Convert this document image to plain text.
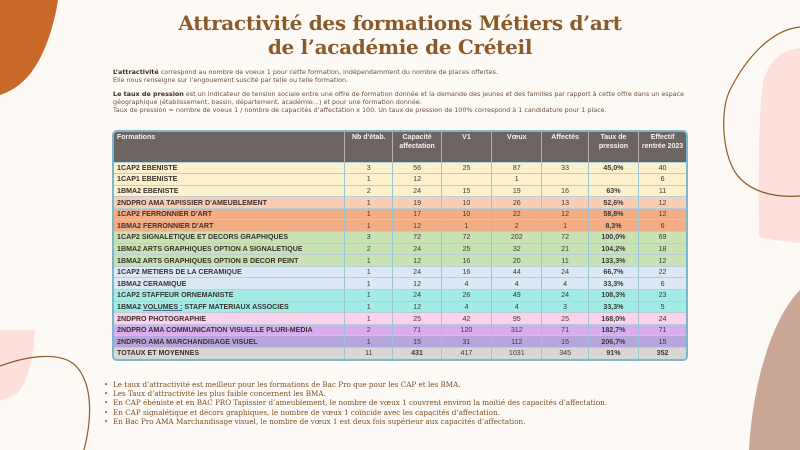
Attractivité des formations Métiers d’art
de l’académie de Créteil

L’attractivité correspond au nombre de voeux 1 pour cette formation, indépendamment du nombre de places offertes.
Elle nous renseigne sur l’engouement suscité par telle ou telle formation.

Le taux de pression est un indicateur de tension sociale entre une offre de formation donnée et la demande des jeunes et des familles par rapport à cette offre dans un espace géographique (établissement, bassin, département, académie...) et pour une formation donnée.
Taux de pression = nombre de voeux 1 / nombre de capacités d’affectation x 100. Un taux de pression de 100% correspond à 1 candidature pour 1 place.

Formations	Nb d'étab.	Capacité affectation	V1	Vœux	Affectés	Taux de pression	Effectif rentrée 2023
1CAP2 EBENISTE	3	56	25	87	33	45,0%	40
1CAP1 EBENISTE	1	12		1			6
1BMA2 EBENISTE	2	24	15	19	16	63%	11
2NDPRO AMA TAPISSIER D'AMEUBLEMENT	1	19	10	26	13	52,6%	12
1CAP2 FERRONNIER D'ART	1	17	10	22	12	58,8%	12
1BMA2 FERRONNIER D'ART	1	12	1	2	1	8,3%	6
1CAP2 SIGNALETIQUE ET DECORS GRAPHIQUES	3	72	72	202	72	100,0%	69
1BMA2 ARTS GRAPHIQUES OPTION A SIGNALETIQUE	2	24	25	32	21	104,2%	18
1BMA2 ARTS GRAPHIQUES OPTION B DECOR PEINT	1	12	16	20	11	133,3%	12
1CAP2 METIERS DE LA CERAMIQUE	1	24	16	44	24	66,7%	22
1BMA2 CERAMIQUE	1	12	4	4	4	33,3%	6
1CAP2 STAFFEUR ORNEMANISTE	1	24	26	49	24	108,3%	23
1BMA2 VOLUMES : STAFF MATERIAUX ASSOCIES	1	12	4	4	3	33,3%	5
2NDPRO PHOTOGRAPHIE	1	25	42	95	25	168,0%	24
2NDPRO AMA COMMUNICATION VISUELLE PLURI-MEDIA	2	71	120	312	71	182,7%	71
2NDPRO AMA MARCHANDISAGE VISUEL	1	15	31	112	15	206,7%	15
TOTAUX ET MOYENNES	11	431	417	1031	345	91%	352
• Le taux d’attractivité est meilleur pour les formations de Bac Pro que pour les CAP et les BMA.
• Les Taux d’attractivité les plus faible concernent les BMA.
• En CAP ébéniste et en BAC PRO Tapissier d’ameublement, le nombre de vœux 1 couvrent environ la moitié des capacités d’affectation.
• En CAP signalétique et décors graphiques, le nombre de vœux 1 coïncide avec les capacités d’affectation.
• En Bac Pro AMA Marchandisage visuel, le nombre de vœux 1 est deux fois supérieur aux capacités d’affectation.
